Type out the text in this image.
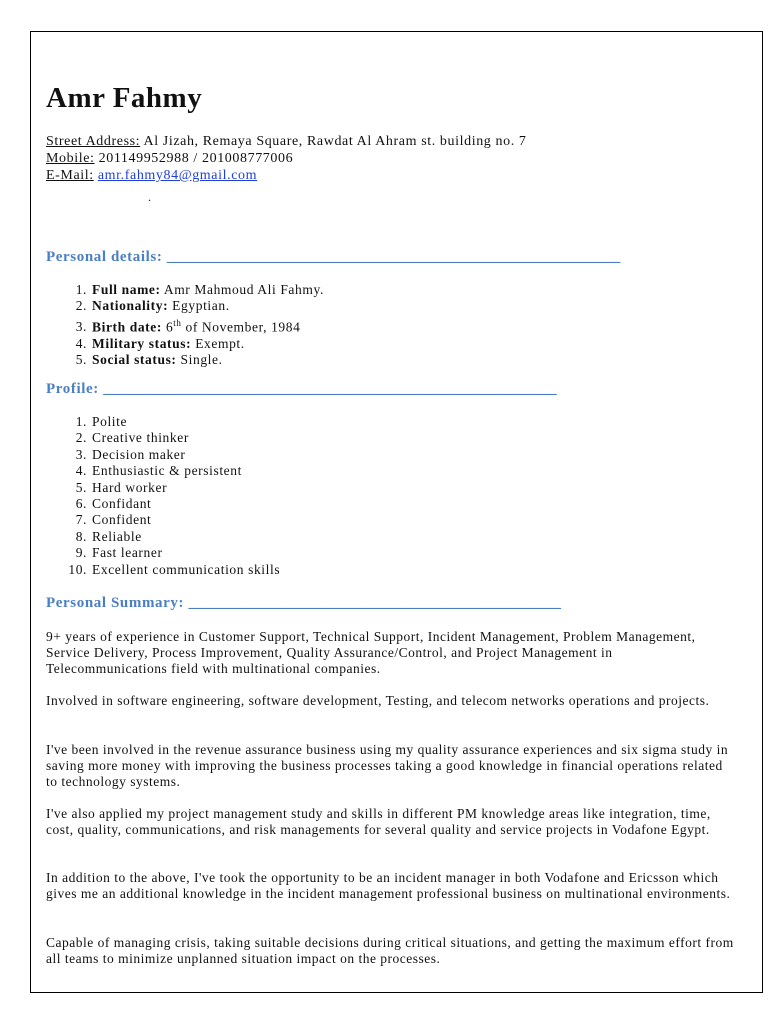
Amr Fahmy
Street Address: Al Jizah, Remaya Square, Rawdat Al Ahram st. building no. 7
Mobile: 201149952988 / 201008777006
E-Mail: amr.fahmy84@gmail.com
.
Personal details: ________________________________________________________
1. Full name: Amr Mahmoud Ali Fahmy.
2. Nationality: Egyptian.
3. Birth date: 6th of November, 1984
4. Military status: Exempt.
5. Social status: Single.
Profile: ________________________________________________________
1. Polite
2. Creative thinker
3. Decision maker
4. Enthusiastic & persistent
5. Hard worker
6. Confidant
7. Confident
8. Reliable
9. Fast learner
10. Excellent communication skills
Personal Summary: ______________________________________________

9+ years of experience in Customer Support, Technical Support, Incident Management, Problem Management, Service Delivery, Process Improvement, Quality Assurance/Control, and Project Management in Telecommunications field with multinational companies.

Involved in software engineering, software development, Testing, and telecom networks operations and projects.

I've been involved in the revenue assurance business using my quality assurance experiences and six sigma study in saving more money with improving the business processes taking a good knowledge in financial operations related to technology systems.

I've also applied my project management study and skills in different PM knowledge areas like integration, time, cost, quality, communications, and risk managements for several quality and service projects in Vodafone Egypt.

In addition to the above, I've took the opportunity to be an incident manager in both Vodafone and Ericsson which gives me an additional knowledge in the incident management professional business on multinational environments.

Capable of managing crisis, taking suitable decisions during critical situations, and getting the maximum effort from all teams to minimize unplanned situation impact on the processes.
